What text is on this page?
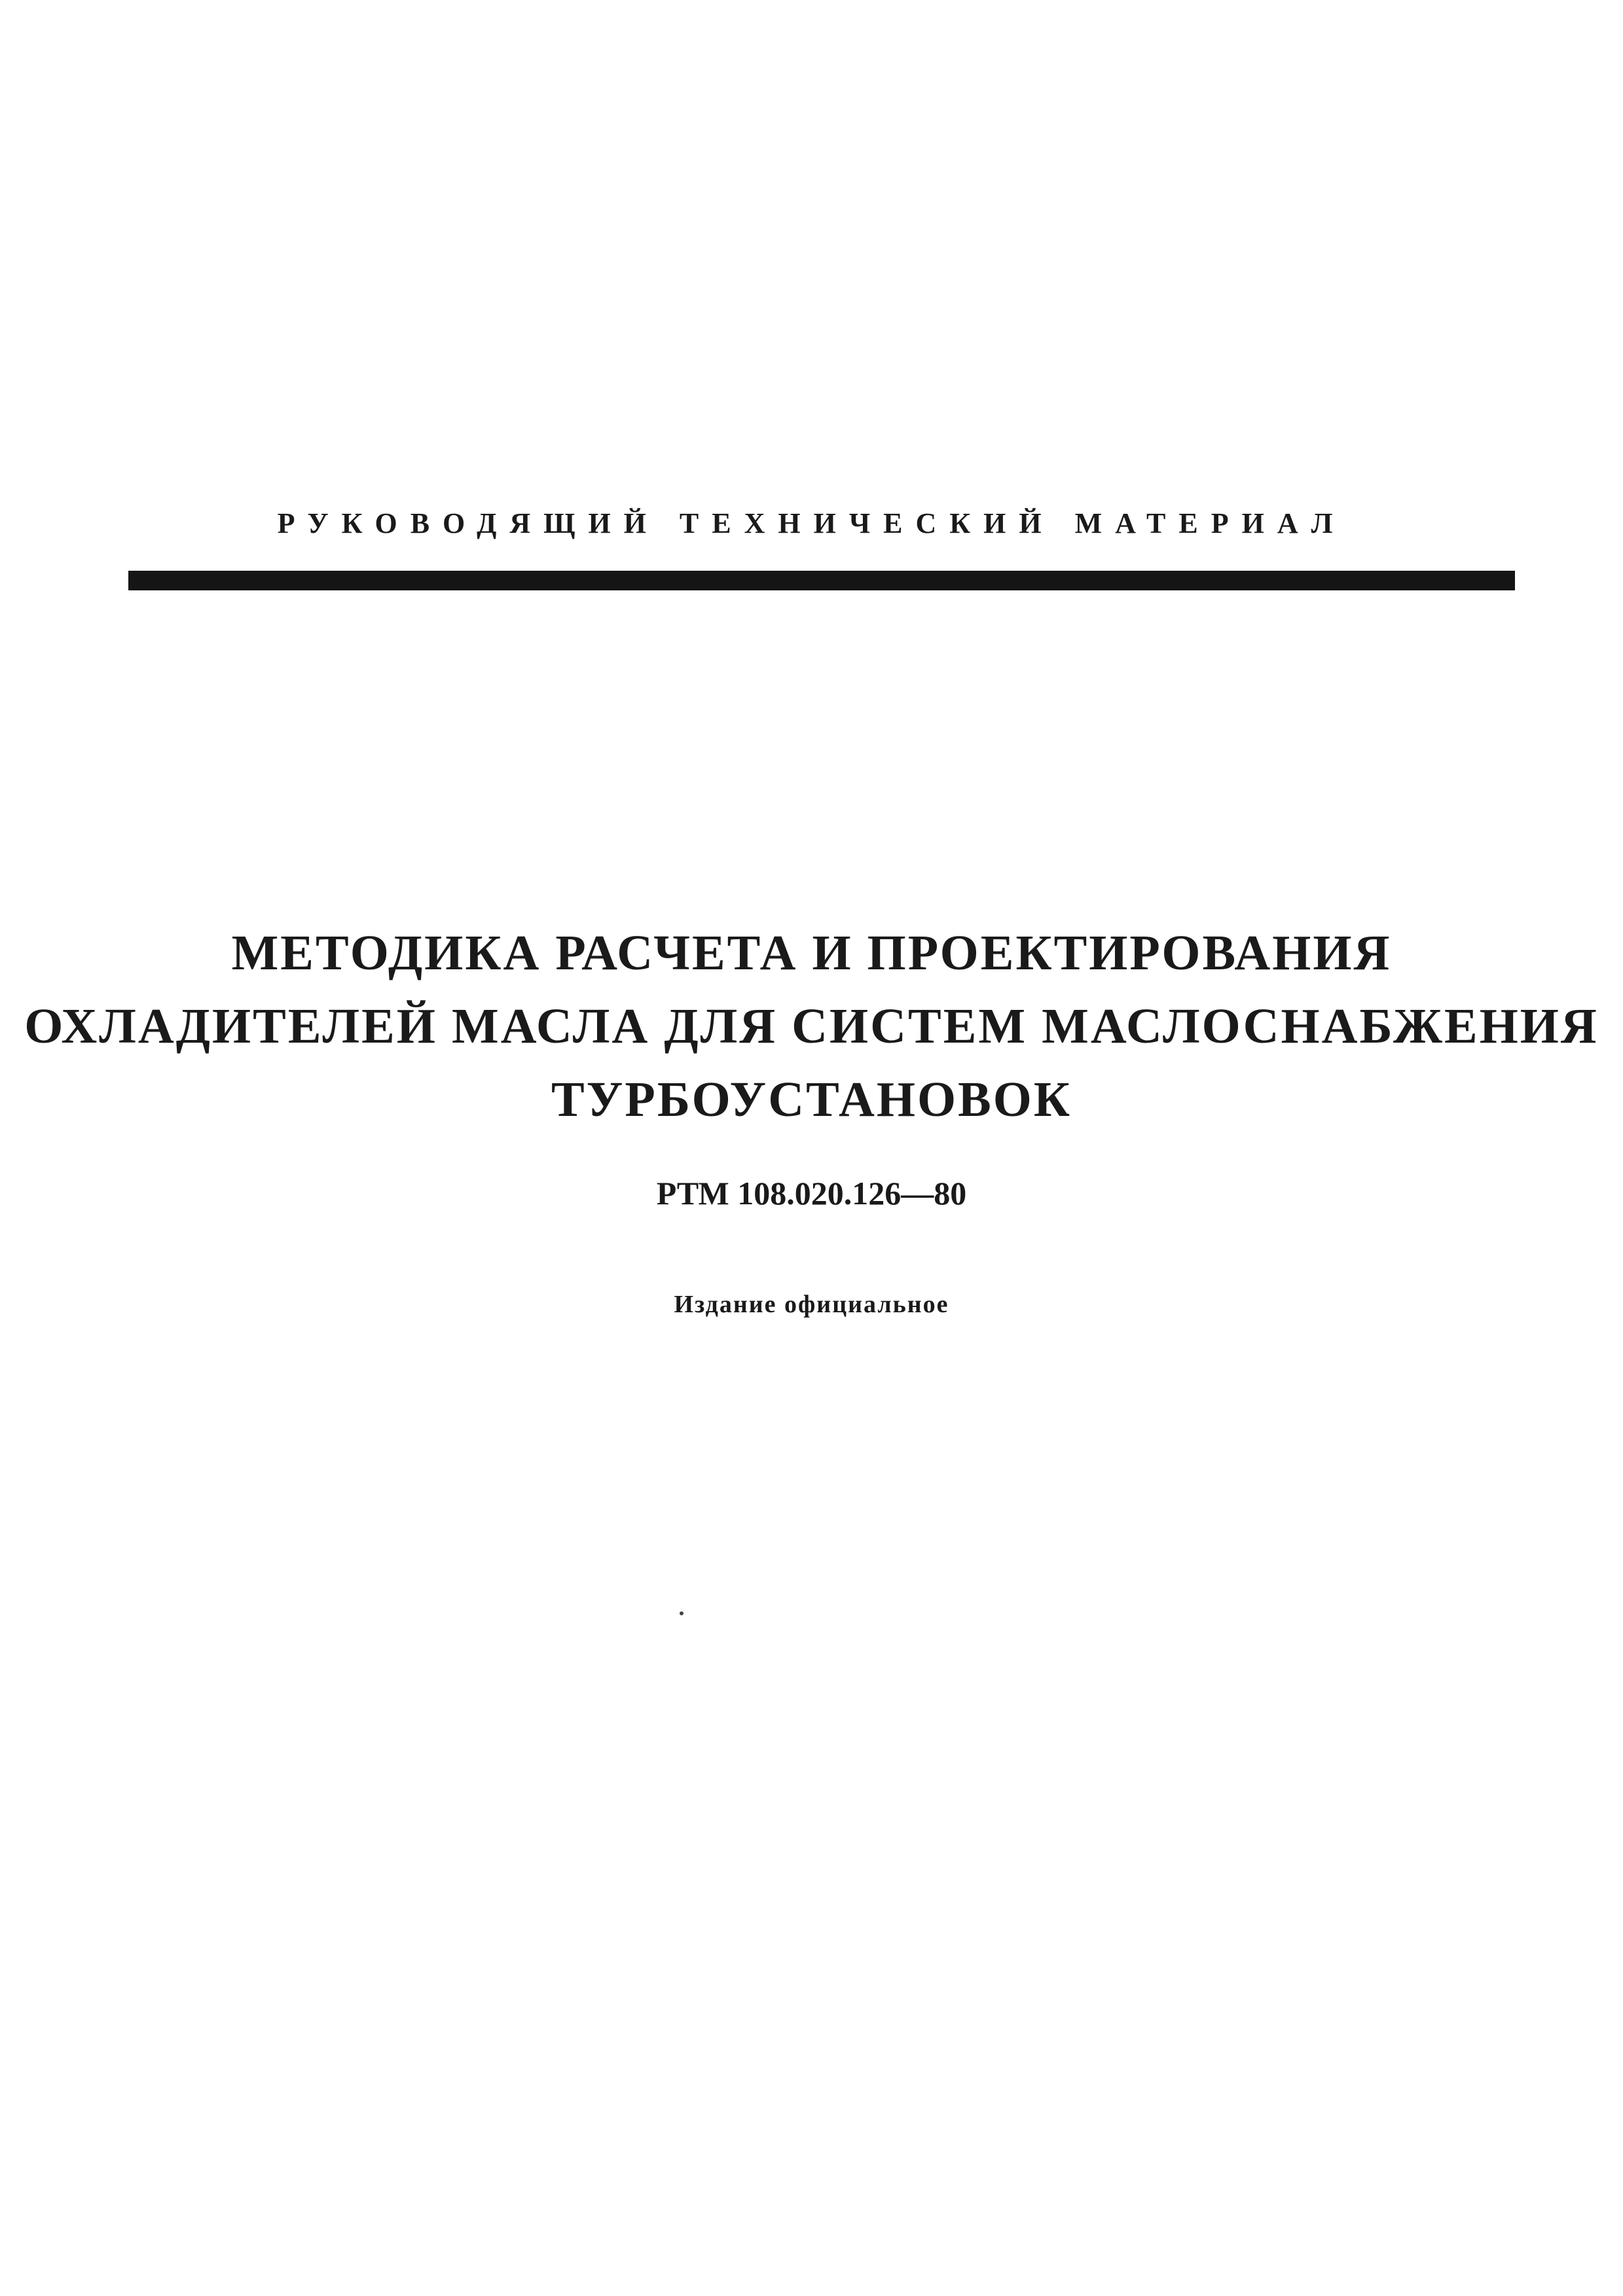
РУКОВОДЯЩИЙ ТЕХНИЧЕСКИЙ МАТЕРИАЛ
МЕТОДИКА РАСЧЕТА И ПРОЕКТИРОВАНИЯ
ОХЛАДИТЕЛЕЙ МАСЛА ДЛЯ СИСТЕМ МАСЛОСНАБЖЕНИЯ
ТУРБОУСТАНОВОК
РТМ 108.020.126—80
Издание официальное
